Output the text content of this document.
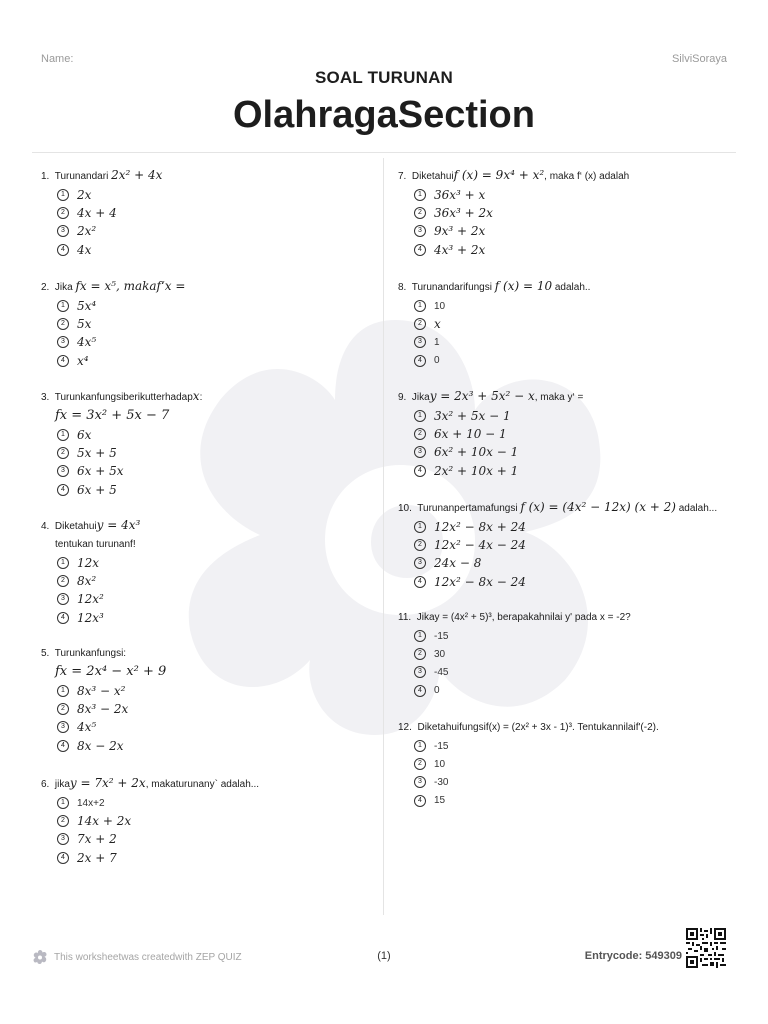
Name:	SilviSoraya
SOAL TURUNAN
OlahragaSection
1. Turunandari 2x² + 4x
1	2x
2	4x + 4
3	2x²
4	4x
2. Jika fx = x⁵, makaf‘x =
1	5x⁴
2	5x
3	4x⁵
4	x⁴
3. Turunkanfungsiberikutterhadapx:
fx = 3x² + 5x − 7
1	6x
2	5x + 5
3	6x + 5x
4	6x + 5
4. Diketahuiy = 4x³
tentukan turunanf!
1	12x
2	8x²
3	12x²
4	12x³
5. Turunkanfungsi:
fx = 2x⁴ − x² + 9
1	8x³ − x²
2	8x³ − 2x
3	4x⁵
4	8x − 2x
6. jikay = 7x² + 2x, makaturunany` adalah...
1	14x+2
2	14x + 2x
3	7x + 2
4	2x + 7
7. Diketahuif (x) = 9x⁴ + x², maka f‘ (x) adalah
1	36x³ + x
2	36x³ + 2x
3	9x³ + 2x
4	4x³ + 2x
8. Turunandarifungsi f (x) = 10 adalah..
1	10
2	x
3	1
4	0
9. Jikay = 2x³ + 5x² − x, maka y‘ =
1	3x² + 5x − 1
2	6x + 10 − 1
3	6x² + 10x − 1
4	2x² + 10x + 1
10. Turunanpertamafungsi f (x) = (4x² − 12x) (x + 2) adalah...
1	12x² − 8x + 24
2	12x² − 4x − 24
3	24x − 8
4	12x² − 8x − 24
11. Jikay = (4x² + 5)³, berapakahnilai y' pada x = -2?
1	-15
2	30
3	-45
4	0
12. Diketahuifungsif(x) = (2x² + 3x - 1)³. Tentukannilaif'(-2).
1	-15
2	10
3	-30
4	15
This worksheetwas createdwith ZEP QUIZ	(1)	Entrycode: 549309
